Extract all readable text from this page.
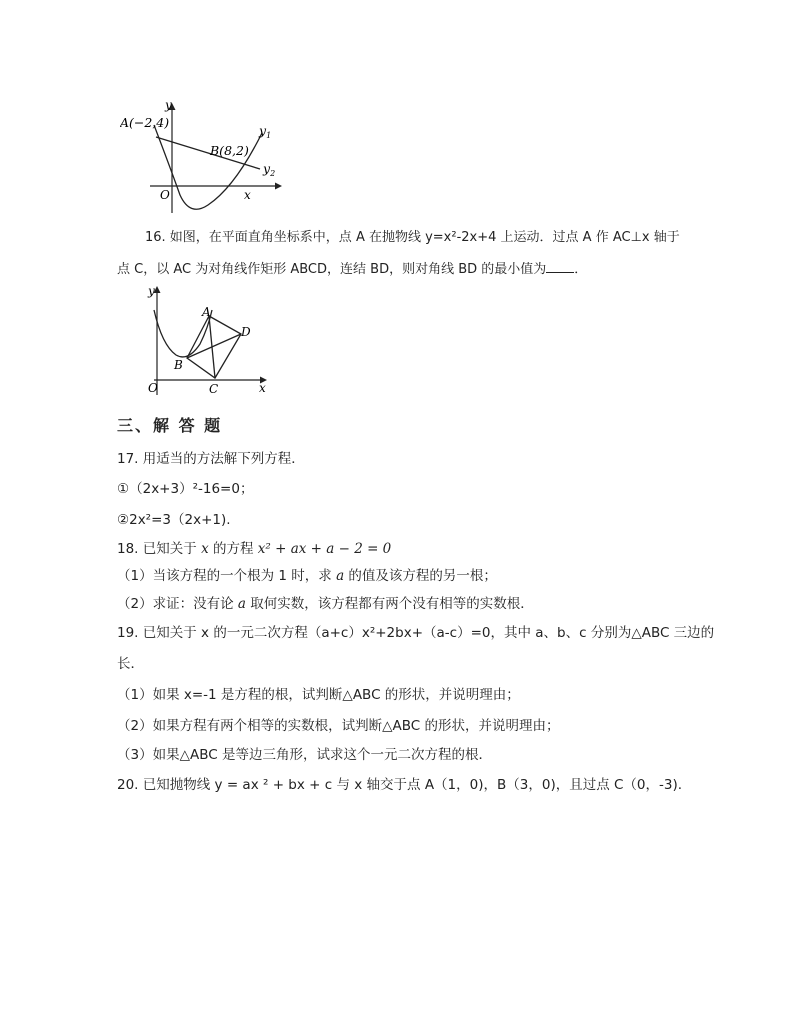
y
x
O
A(−2,4)
B(8,2)
$y_1$
$y_2$
16. 如图，在平面直角坐标系中，点 A 在抛物线 y=x²-2x+4 上运动．过点 A 作 AC⊥x 轴于
点 C，以 AC 为对角线作矩形 ABCD，连结 BD，则对角线 BD 的最小值为 ．
y
x
O
A
B
C
D
三、解 答 题
17. 用适当的方法解下列方程．
①（2x+3）²-16=0；
②2x²=3（2x+1).
18. 已知关于 x 的方程 x² + ax + a − 2 = 0
（1）当该方程的一个根为 1 时，求 a 的值及该方程的另一根；
（2）求证：没有论 a 取何实数，该方程都有两个没有相等的实数根．
19. 已知关于 x 的一元二次方程（a+c）x²+2bx+（a-c）=0，其中 a、b、c 分别为△ABC 三边的
长．
（1）如果 x=-1 是方程的根，试判断△ABC 的形状，并说明理由；
（2）如果方程有两个相等的实数根，试判断△ABC 的形状，并说明理由；
（3）如果△ABC 是等边三角形，试求这个一元二次方程的根．
20. 已知抛物线 y = ax ² + bx + c 与 x 轴交于点 A（1，0)，B（3，0)，且过点 C（0，-3).
